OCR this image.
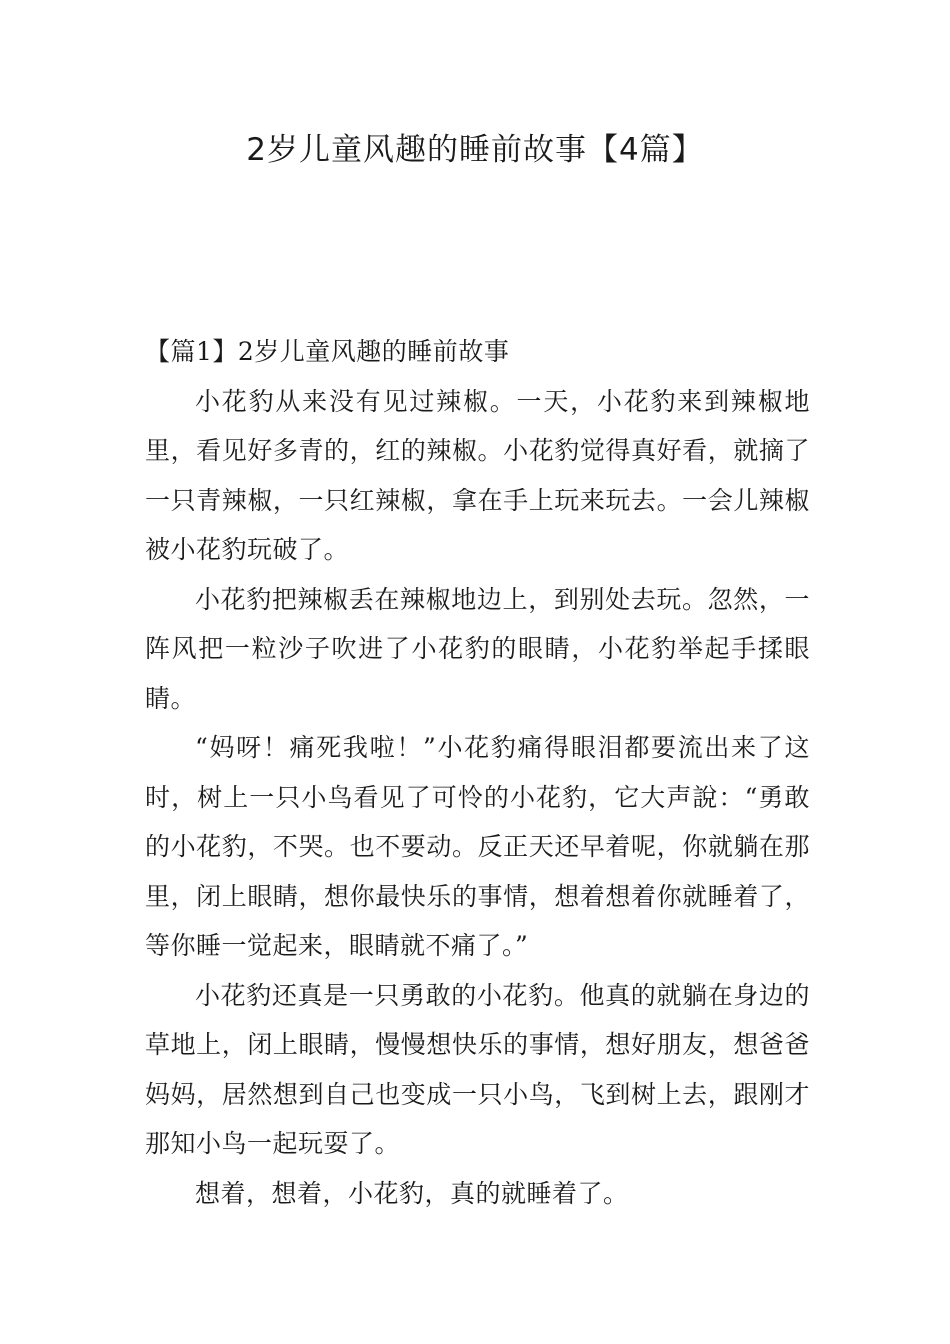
2岁儿童风趣的睡前故事【4篇】
【篇1】2岁儿童风趣的睡前故事

小花豹从来没有见过辣椒。一天，小花豹来到辣椒地里，看见好多青的，红的辣椒。小花豹觉得真好看，就摘了一只青辣椒，一只红辣椒，拿在手上玩来玩去。一会儿辣椒被小花豹玩破了。

小花豹把辣椒丢在辣椒地边上，到别处去玩。忽然，一阵风把一粒沙子吹进了小花豹的眼睛，小花豹举起手揉眼睛。

“妈呀！痛死我啦！”小花豹痛得眼泪都要流出来了这时，树上一只小鸟看见了可怜的小花豹，它大声說：“勇敢的小花豹，不哭。也不要动。反正天还早着呢，你就躺在那里，闭上眼睛，想你最快乐的事情，想着想着你就睡着了，等你睡一觉起来，眼睛就不痛了。”

小花豹还真是一只勇敢的小花豹。他真的就躺在身边的草地上，闭上眼睛，慢慢想快乐的事情，想好朋友，想爸爸妈妈，居然想到自己也变成一只小鸟，飞到树上去，跟刚才那知小鸟一起玩耍了。

想着，想着，小花豹，真的就睡着了。
